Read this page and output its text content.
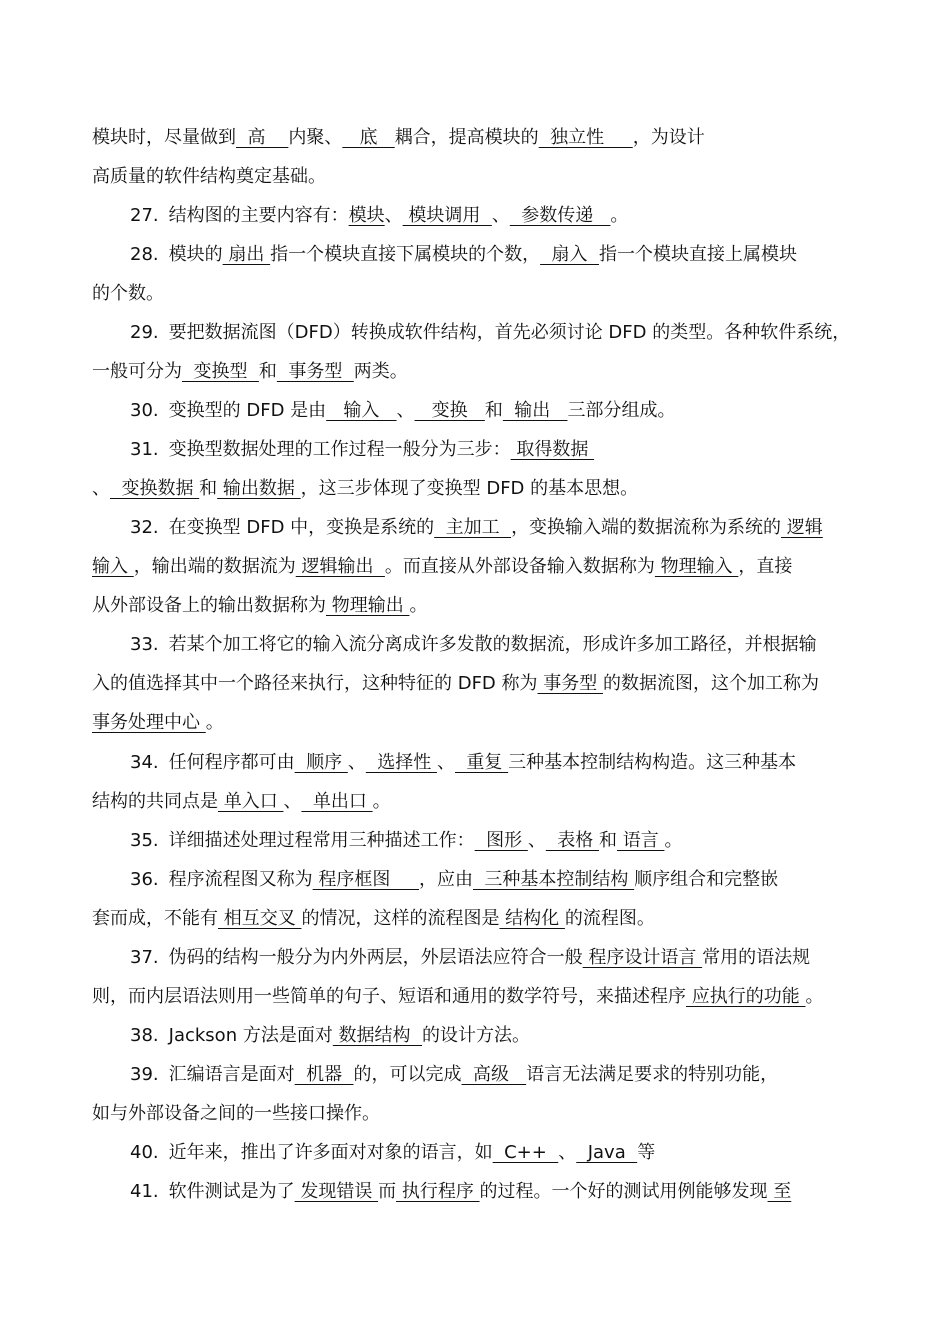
模块时，尽量做到  高    内聚、   底   耦合，提高模块的  独立性     ，为设计
高质量的软件结构奠定基础。
27. 结构图的主要内容有：模块、 模块调用  、  参数传递   。
28. 模块的 扇出 指一个模块直接下属模块的个数，  扇入  指一个模块直接上属模块
的个数。
29. 要把数据流图（DFD）转换成软件结构，首先必须讨论 DFD 的类型。各种软件系统，
一般可分为  变换型  和  事务型  两类。
30. 变换型的 DFD 是由   输入   、   变换   和  输出   三部分组成。
31. 变换型数据处理的工作过程一般分为三步： 取得数据
、  变换数据 和 输出数据 ，这三步体现了变换型 DFD 的基本思想。
32. 在变换型 DFD 中，变换是系统的  主加工  ，变换输入端的数据流称为系统的 逻辑
输入 ，输出端的数据流为 逻辑输出  。而直接从外部设备输入数据称为 物理输入 ，直接
从外部设备上的输出数据称为 物理输出 。
33. 若某个加工将它的输入流分离成许多发散的数据流，形成许多加工路径，并根据输
入的值选择其中一个路径来执行，这种特征的 DFD 称为 事务型 的数据流图，这个加工称为
事务处理中心 。
34. 任何程序都可由  顺序 、  选择性 、  重复 三种基本控制结构构造。这三种基本
结构的共同点是 单入口 、  单出口 。
35. 详细描述处理过程常用三种描述工作：  图形 、  表格 和 语言 。
36. 程序流程图又称为 程序框图     ，应由  三种基本控制结构 顺序组合和完整嵌
套而成，不能有 相互交叉 的情况，这样的流程图是 结构化 的流程图。
37. 伪码的结构一般分为内外两层，外层语法应符合一般 程序设计语言 常用的语法规
则，而内层语法则用一些简单的句子、短语和通用的数学符号，来描述程序 应执行的功能 。
38. Jackson 方法是面对 数据结构  的设计方法。
39. 汇编语言是面对  机器  的，可以完成  高级   语言无法满足要求的特别功能，
如与外部设备之间的一些接口操作。
40. 近年来，推出了许多面对对象的语言，如  C++  、  Java  等
41. 软件测试是为了 发现错误 而 执行程序 的过程。一个好的测试用例能够发现 至
